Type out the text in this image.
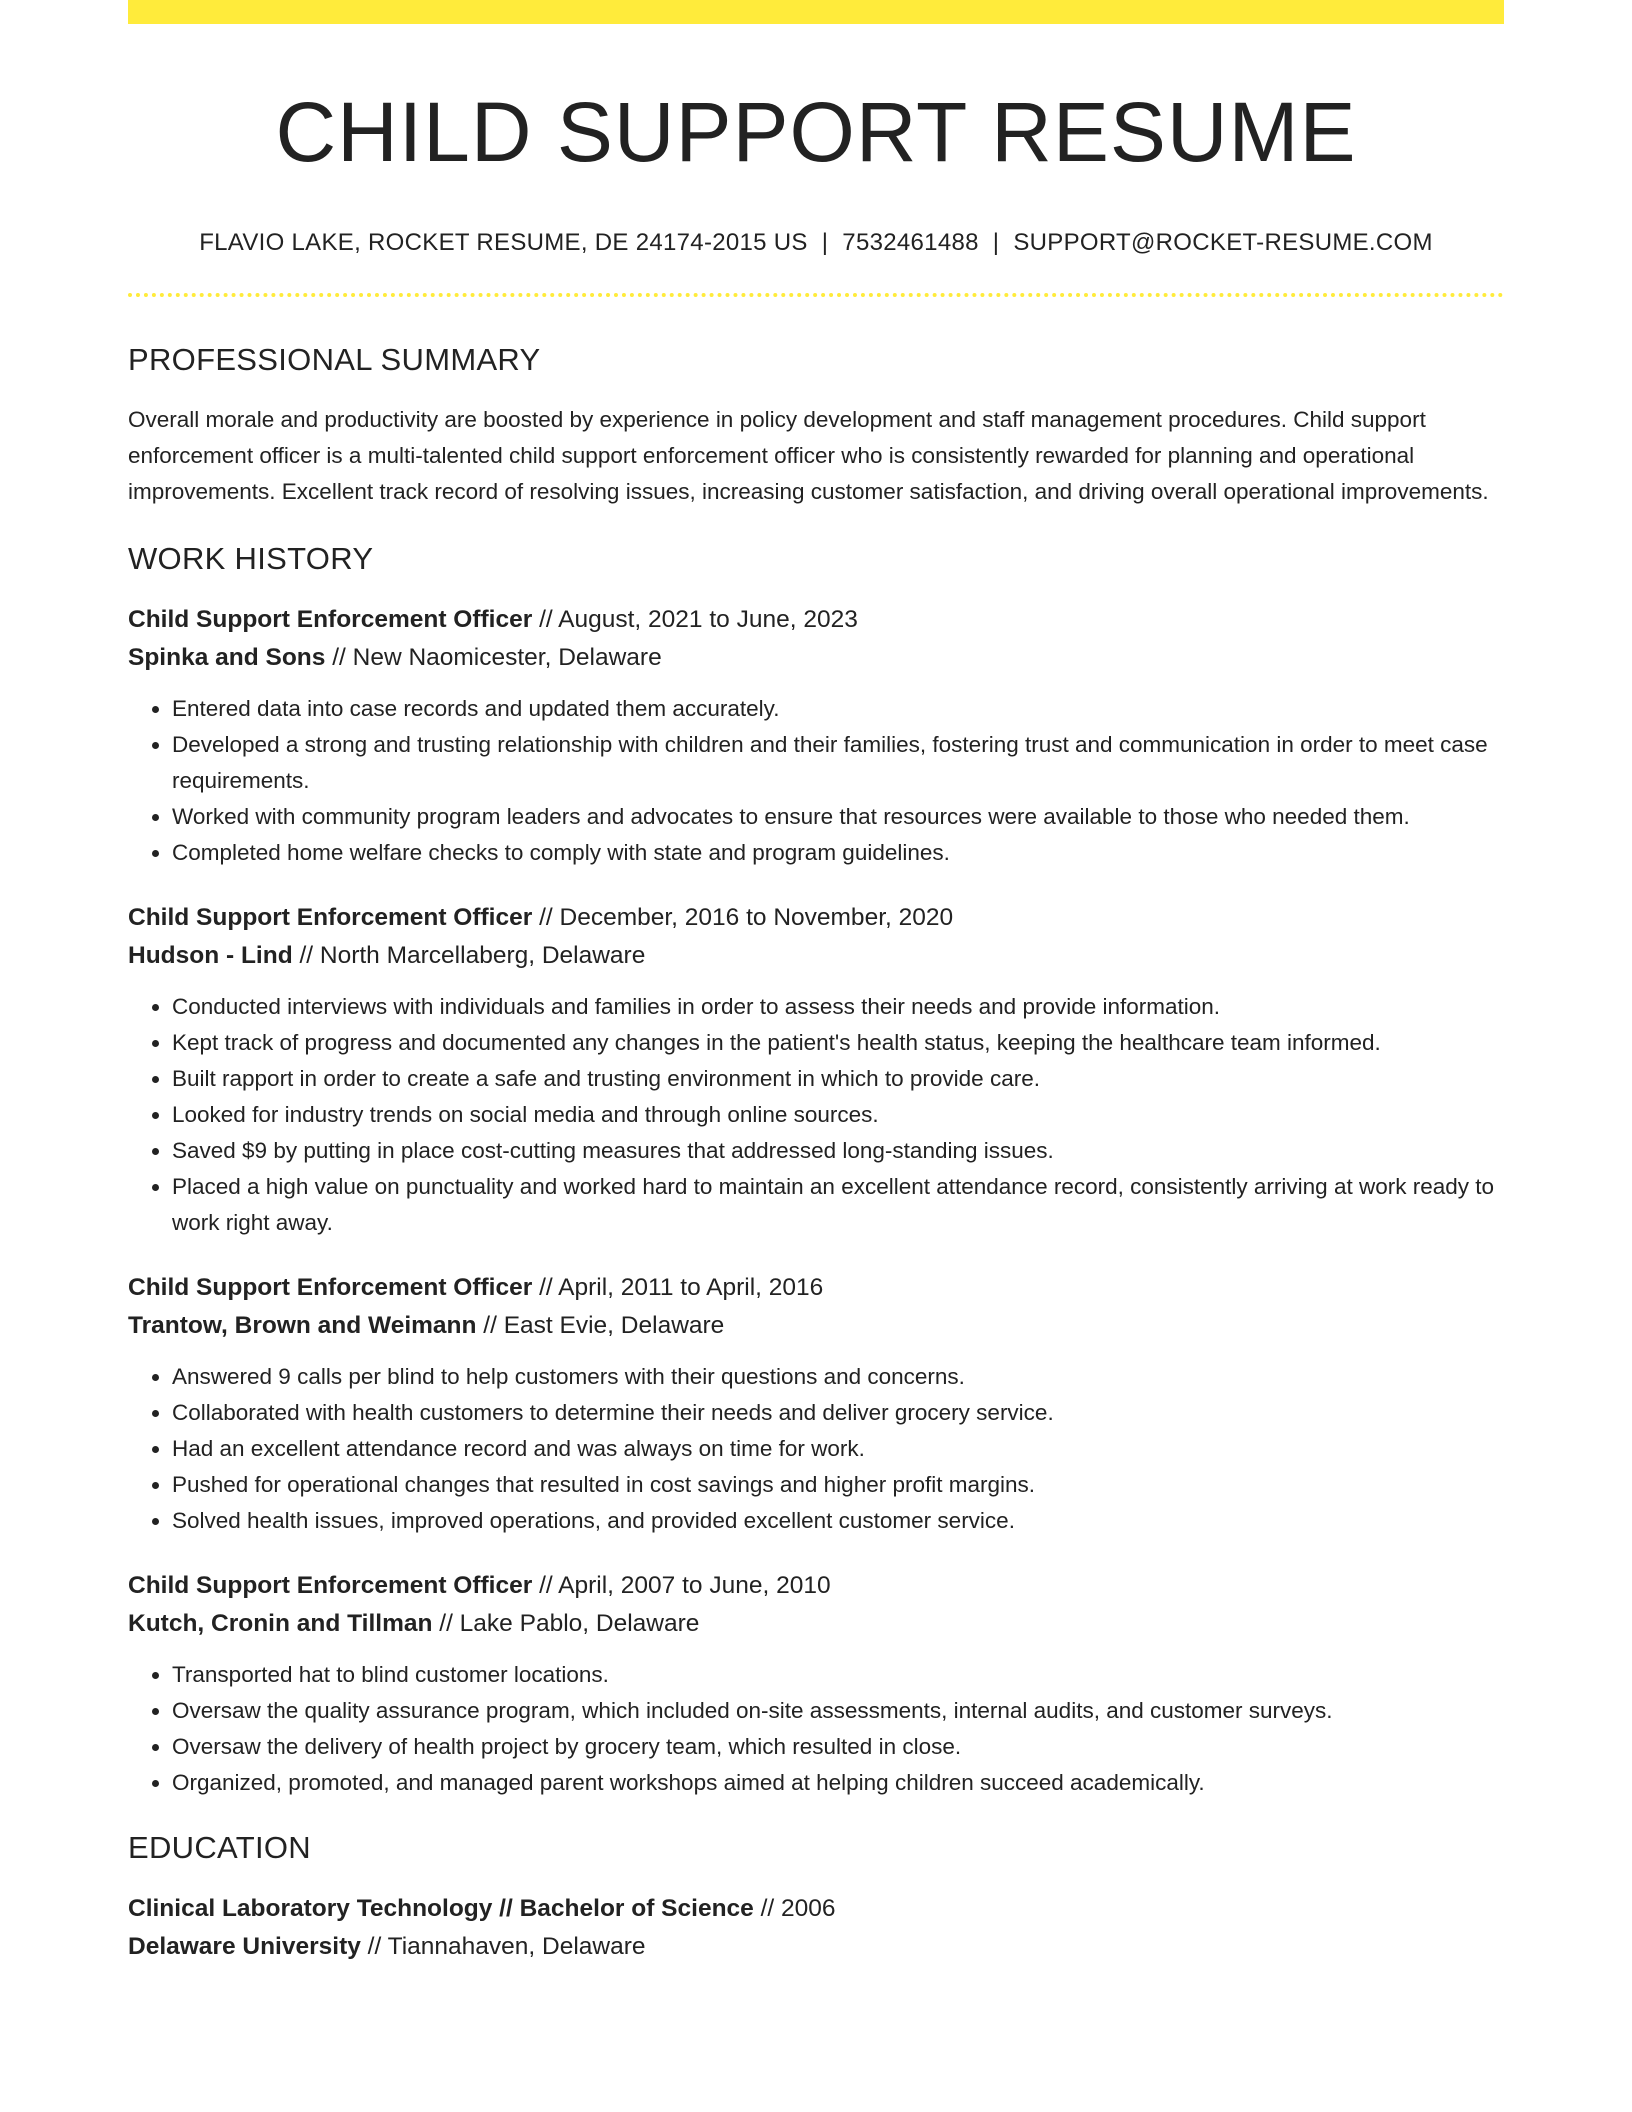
CHILD SUPPORT RESUME
FLAVIO LAKE, ROCKET RESUME, DE 24174-2015 US | 7532461488 | SUPPORT@ROCKET-RESUME.COM
PROFESSIONAL SUMMARY

Overall morale and productivity are boosted by experience in policy development and staff management procedures. Child support enforcement officer is a multi-talented child support enforcement officer who is consistently rewarded for planning and operational improvements. Excellent track record of resolving issues, increasing customer satisfaction, and driving overall operational improvements.

WORK HISTORY
Child Support Enforcement Officer // August, 2021 to June, 2023
Spinka and Sons // New Naomicester, Delaware
• Entered data into case records and updated them accurately.
• Developed a strong and trusting relationship with children and their families, fostering trust and communication in order to meet case requirements.
• Worked with community program leaders and advocates to ensure that resources were available to those who needed them.
• Completed home welfare checks to comply with state and program guidelines.
Child Support Enforcement Officer // December, 2016 to November, 2020
Hudson - Lind // North Marcellaberg, Delaware
• Conducted interviews with individuals and families in order to assess their needs and provide information.
• Kept track of progress and documented any changes in the patient's health status, keeping the healthcare team informed.
• Built rapport in order to create a safe and trusting environment in which to provide care.
• Looked for industry trends on social media and through online sources.
• Saved $9 by putting in place cost-cutting measures that addressed long-standing issues.
• Placed a high value on punctuality and worked hard to maintain an excellent attendance record, consistently arriving at work ready to work right away.
Child Support Enforcement Officer // April, 2011 to April, 2016
Trantow, Brown and Weimann // East Evie, Delaware
• Answered 9 calls per blind to help customers with their questions and concerns.
• Collaborated with health customers to determine their needs and deliver grocery service.
• Had an excellent attendance record and was always on time for work.
• Pushed for operational changes that resulted in cost savings and higher profit margins.
• Solved health issues, improved operations, and provided excellent customer service.
Child Support Enforcement Officer // April, 2007 to June, 2010
Kutch, Cronin and Tillman // Lake Pablo, Delaware
• Transported hat to blind customer locations.
• Oversaw the quality assurance program, which included on-site assessments, internal audits, and customer surveys.
• Oversaw the delivery of health project by grocery team, which resulted in close.
• Organized, promoted, and managed parent workshops aimed at helping children succeed academically.
EDUCATION
Clinical Laboratory Technology // Bachelor of Science // 2006
Delaware University // Tiannahaven, Delaware
